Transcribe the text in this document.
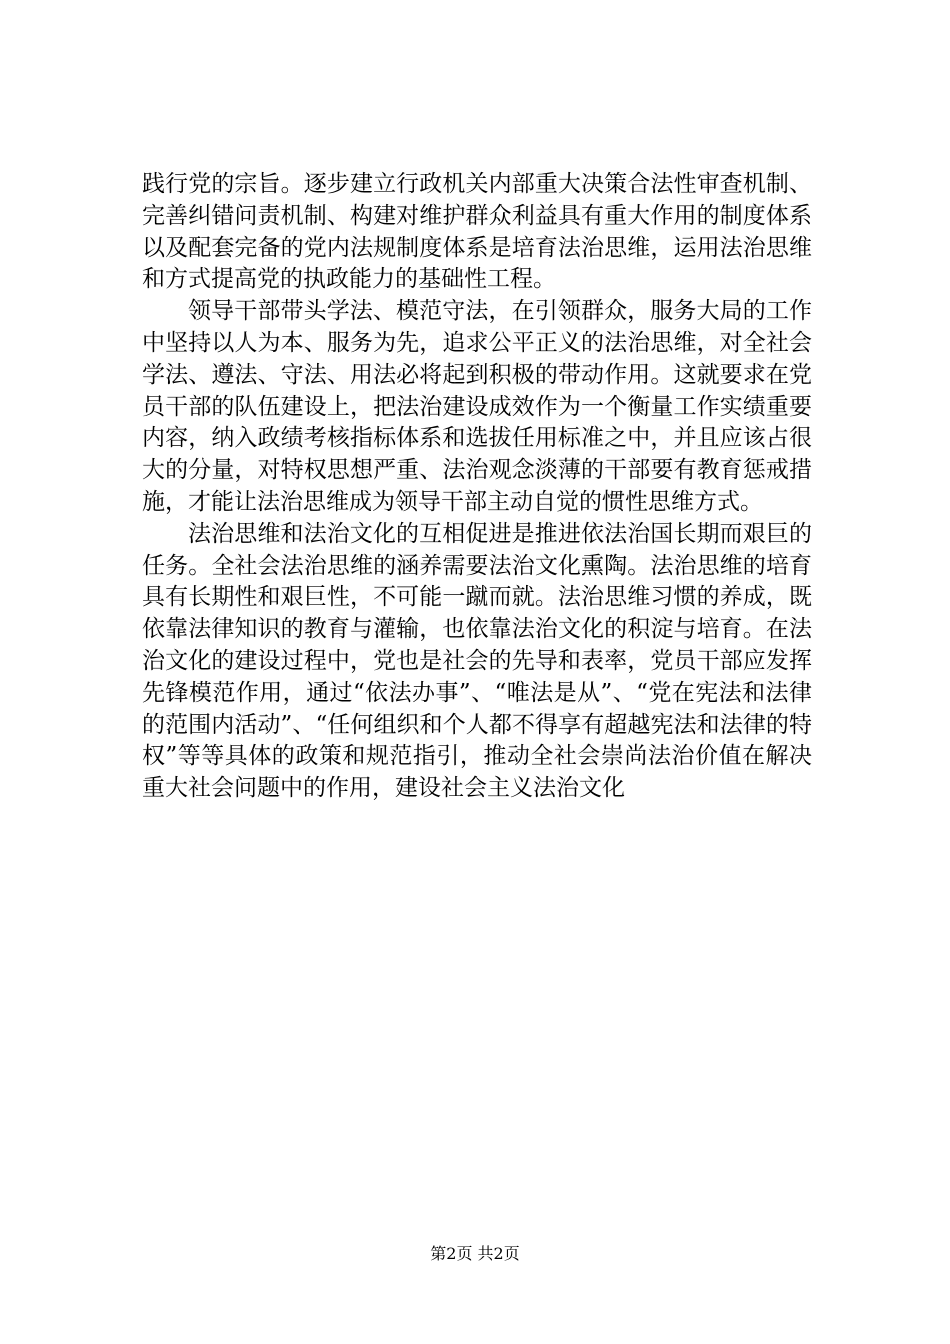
践行党的宗旨。逐步建立行政机关内部重大决策合法性审查机制、完善纠错问责机制、构建对维护群众利益具有重大作用的制度体系以及配套完备的党内法规制度体系是培育法治思维，运用法治思维和方式提高党的执政能力的基础性工程。

领导干部带头学法、模范守法，在引领群众，服务大局的工作中坚持以人为本、服务为先，追求公平正义的法治思维，对全社会学法、遵法、守法、用法必将起到积极的带动作用。这就要求在党员干部的队伍建设上，把法治建设成效作为一个衡量工作实绩重要内容，纳入政绩考核指标体系和选拔任用标准之中，并且应该占很大的分量，对特权思想严重、法治观念淡薄的干部要有教育惩戒措施，才能让法治思维成为领导干部主动自觉的惯性思维方式。

法治思维和法治文化的互相促进是推进依法治国长期而艰巨的任务。全社会法治思维的涵养需要法治文化熏陶。法治思维的培育具有长期性和艰巨性，不可能一蹴而就。法治思维习惯的养成，既依靠法律知识的教育与灌输，也依靠法治文化的积淀与培育。在法治文化的建设过程中，党也是社会的先导和表率，党员干部应发挥先锋模范作用，通过“依法办事”、“唯法是从”、“党在宪法和法律的范围内活动”、“任何组织和个人都不得享有超越宪法和法律的特权”等等具体的政策和规范指引，推动全社会崇尚法治价值在解决重大社会问题中的作用，建设社会主义法治文化

第2页 共2页
